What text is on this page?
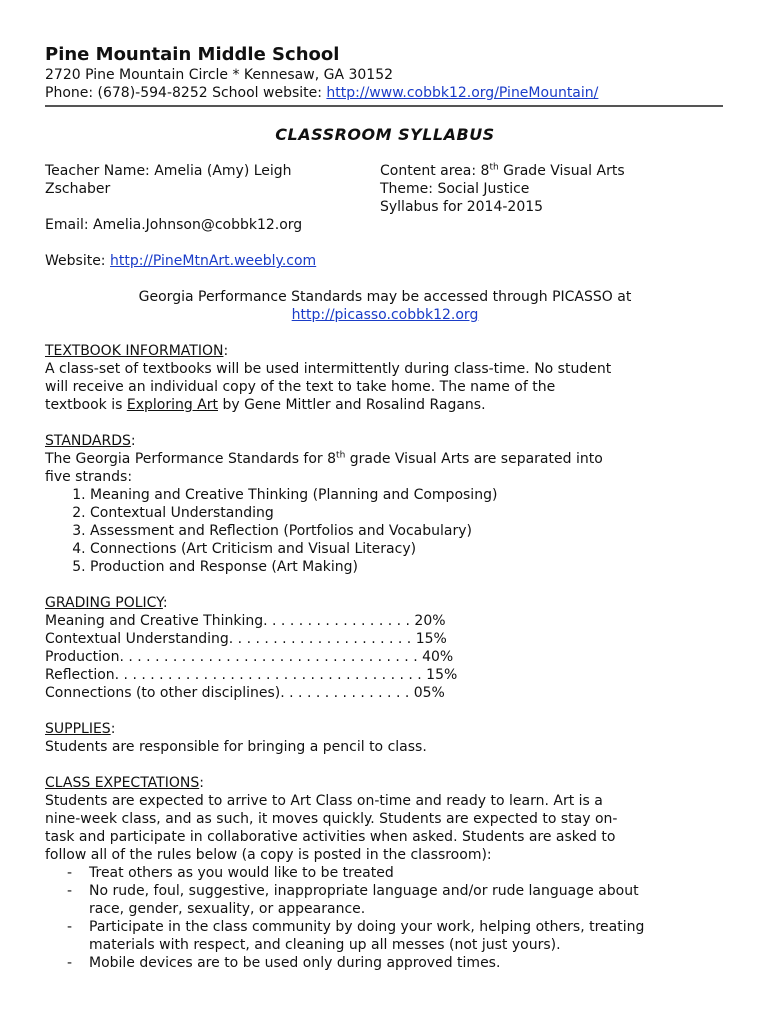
Pine Mountain Middle School
2720 Pine Mountain Circle * Kennesaw, GA 30152
Phone: (678)-594-8252 School website: http://www.cobbk12.org/PineMountain/
CLASSROOM SYLLABUS
Teacher Name: Amelia (Amy) Leigh
Zschaber
Content area: 8th Grade Visual Arts
Theme: Social Justice
Syllabus for 2014-2015
Email: Amelia.Johnson@cobbk12.org
Website: http://PineMtnArt.weebly.com
Georgia Performance Standards may be accessed through PICASSO at
http://picasso.cobbk12.org
TEXTBOOK INFORMATION:
A class-set of textbooks will be used intermittently during class-time. No student
will receive an individual copy of the text to take home. The name of the
textbook is Exploring Art by Gene Mittler and Rosalind Ragans.
STANDARDS:
The Georgia Performance Standards for 8th grade Visual Arts are separated into
five strands:
1. Meaning and Creative Thinking (Planning and Composing)
2. Contextual Understanding
3. Assessment and Reflection (Portfolios and Vocabulary)
4. Connections (Art Criticism and Visual Literacy)
5. Production and Response (Art Making)
GRADING POLICY:
Meaning and Creative Thinking. . . . . . . . . . . . . . . . . 20%
Contextual Understanding. . . . . . . . . . . . . . . . . . . . . 15%
Production. . . . . . . . . . . . . . . . . . . . . . . . . . . . . . . . . . 40%
Reflection. . . . . . . . . . . . . . . . . . . . . . . . . . . . . . . . . . . 15%
Connections (to other disciplines). . . . . . . . . . . . . . . 05%
SUPPLIES:
Students are responsible for bringing a pencil to class.
CLASS EXPECTATIONS:
Students are expected to arrive to Art Class on-time and ready to learn. Art is a
nine-week class, and as such, it moves quickly. Students are expected to stay on-
task and participate in collaborative activities when asked. Students are asked to
follow all of the rules below (a copy is posted in the classroom):
- Treat others as you would like to be treated
- No rude, foul, suggestive, inappropriate language and/or rude language about race, gender, sexuality, or appearance.
- Participate in the class community by doing your work, helping others, treating materials with respect, and cleaning up all messes (not just yours).
- Mobile devices are to be used only during approved times.
